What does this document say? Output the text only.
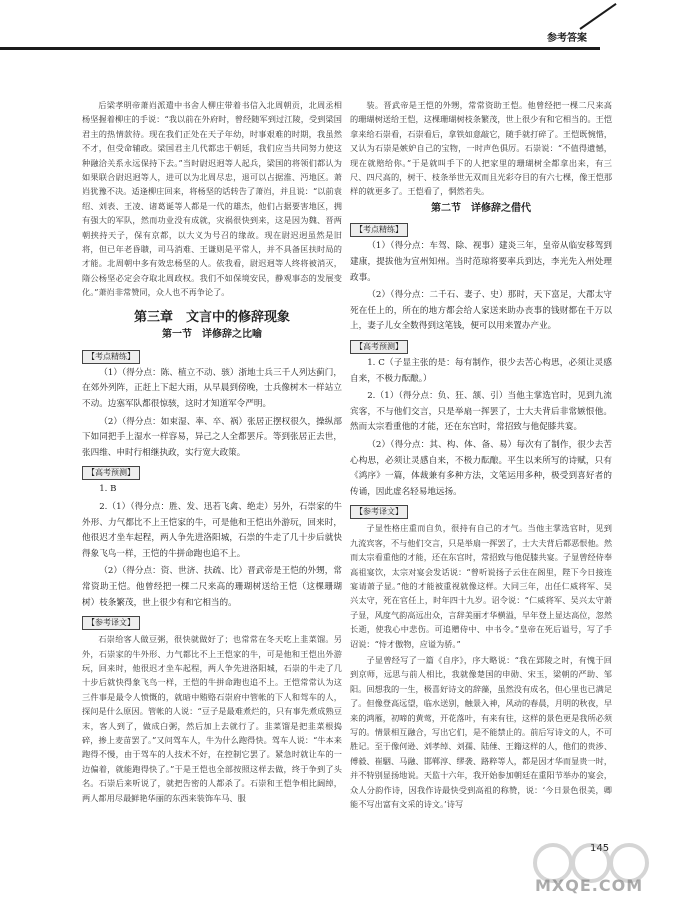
参考答案

后梁孝明帝萧岿派遣中书舍人柳庄带着书信入北周朝贡，北周丞相杨坚握着柳庄的手说：“我以前在外府时，曾经随军到过江陵，受到梁国君主的热情款待。现在我们正处在天子年幼，时事艰难的时期，我虽然不才，但受命辅政。梁国君主几代都忠于朝廷，我们应当共同努力使这种融洽关系永远保持下去。”当时尉迟迥等人起兵，梁国的将领们都认为如果联合尉迟迥等人，进可以为北周尽忠，退可以占据淮、沔地区。萧岿犹豫不决。适逢柳庄回来，将杨坚的话转告了萧岿，并且说：“以前袁绍、刘表、王凌、诸葛诞等人都是一代的雄杰，他们占据要害地区，拥有强大的军队，然而功业没有成就，灾祸很快到来，这是因为魏、晋两朝挟持天子，保有京都，以大义为号召的缘故。现在尉迟迥虽然是旧将，但已年老昏聩，司马消难、王谦则是平常人，并不具备匡扶时局的才能。北周朝中多有效忠杨坚的人。依我看，尉迟迥等人终将被消灭，隋公杨坚必定会夺取北周政权。我们不如保境安民，静观事态的发展变化。”萧岿非常赞同，众人也不再争论了。

第三章　文言中的修辞现象
第一节　详修辞之比喻
【考点精练】

（1）（得分点：陈、植立不动、骇）浙地士兵三千人列达蓟门，在郊外列阵，正赶上下起大雨，从早晨到傍晚，士兵像树木一样站立不动。边塞军队都很惊骇，这时才知道军令严明。

（2）（得分点：如束湿、率、卒、祸）张居正摆权很久，操纵部下如同把手上湿水一样容易，异己之人全都罢斥。等到张居正去世，张四维、申时行相继执政，实行宽大政策。

【高考预测】

1. B

2.（1）（得分点：胜、发、迅若飞禽、绝走）另外，石崇家的牛外形、力气都比不上王恺家的牛，可是他和王恺出外游玩，回来时，他很迟才坐车起程，两人争先进洛阳城，石崇的牛走了几十步后就快得象飞鸟一样，王恺的牛拼命跑也追不上。

（2）（得分点：资、世济、扶疏、比）晋武帝是王恺的外甥，常常资助王恺。他曾经把一棵二尺来高的珊瑚树送给王恺（这棵珊瑚树）枝条繁茂，世上很少有和它相当的。

【参考译文】

石崇给客人做豆粥，很快就做好了；也常常在冬天吃上韭菜馏。另外，石崇家的牛外形、力气都比不上王恺家的牛，可是他和王恺出外游玩，回来时，他很迟才坐车起程，两人争先进洛阳城，石崇的牛走了几十步后就快得象飞鸟一样，王恺的牛拼命跑也追不上。王恺常常认为这三件事是最令人愤慨的，就暗中贿赂石崇府中管帐的下人和驾车的人，探问是什么原因。管帐的人说：“豆子是最难煮烂的，只有事先煮成熟豆末，客人到了，做成白粥，然后加上去就行了。韭菜馏是把韭菜根捣碎，掺上麦苗罢了。”又问驾车人，牛为什么跑得快。驾车人说：“牛本来跑得不慢，由于驾车的人技术不好，在控制它罢了。紧急时就让车的一边偏着，就能跑得快了。”于是王恺也全部按照这样去做，终于争到了头名。石崇后来听说了，就把告密的人都杀了。石崇和王恺争相比阔绰，两人都用尽最鲜艳华丽的东西来装饰车马、服

装。晋武帝是王恺的外甥，常常资助王恺。他曾经把一棵二尺来高的珊瑚树送给王恺，这棵珊瑚树枝条繁茂，世上很少有和它相当的。王恺拿来给石崇看，石崇看后，拿铁如意敲它，随手就打碎了。王恺既惋惜，又认为石崇是嫉妒自己的宝物，一时声色俱厉。石崇说：“不值得遗憾，现在就赔给你。”于是就叫手下的人把家里的珊瑚树全都拿出来，有三尺、四尺高的，树干、枝条举世无双而且光彩夺目的有六七棵，像王恺那样的就更多了。王恺看了，惘然若失。

第二节　详修辞之借代
【考点精练】

（1）（得分点：车驾、除、视事）建炎三年，皇帝从临安移驾到建康，提拔他为宣州知州。当时范琼将要率兵到达，李光先入州处理政事。

（2）（得分点：二千石、妻子、史）那时，天下富足，大郡太守死在任上的，所在的地方都会给人家送来助办丧事的钱财都在千万以上，妻子儿女全数得到这笔钱，便可以用来置办产业。

【高考预测】

1. C（子显主张的是：每有制作，很少去苦心构思，必须让灵感自来，不极力酝酿。）

2.（1）（得分点：负、狂、颔、引）当他主掌选官时，见到九流宾客，不与他们交言，只是举扇一挥罢了，士大夫背后非常嫉恨他。然而太宗看重他的才能，还在东宫时，常招致与他促膝共宴。

（2）（得分点：其、构、体、备、易）每次有了制作，很少去苦心构思，必须让灵感自来，不极力酝酿。平生以来所写的诗赋，只有《鸿序》一篇，体裁兼有多种方法，文笔运用多种，极受到喜好者的传诵，因此虚名轻易地远扬。

【参考译文】

子显性格庄重而自负，很持有自己的才气。当他主掌选官时，见到九流宾客，不与他们交言，只是举扇一挥罢了，士大夫背后都恶恨他。然而太宗看重他的才能，还在东宫时，常招致与他促膝共宴。子显曾经侍奉高祖宴饮，太宗对宴会发话说：“曾听说扬子云住在阁里，陛下今日接连宴请萧子显。”他的才能被重视就像这样。大同三年，出任仁威将军、吴兴太守，死在官任上，时年四十九岁。诏令说：“仁威将军、吴兴太守萧子显，风度气韵高远出众，言辞美丽才华横溢，早年登上显达高位，忽然长逝，使我心中悲伤。可追赠侍中、中书令。”皇帝在死后谥号，写了手诏说：“恃才傲物，应谥为骄。”

子显曾经写了一篇《自序》，序大略说：“我在郢陵之时，有愧于回到京师，远思与前人相比，我就像楚国的申勋、宋玉，梁朝的严助、邹阳。回想我的一生，极喜好诗文的辞藻，虽然没有成名，但心里也已满足了。但像登高远望，临水送别，触景入神，风动的春晨，月明的秋夜，早来的鸿雁，初啼的黄莺，开花落叶，有来有往，这样的景色更是我所必须写的。情景相互融合，写出它们，是不能禁止的。前后写诗文的人，不可胜记。至于像何逊、刘孝绰、刘孺、陆倕、王籍这样的人，他们的贵涉、傅毅、崔駰、马融、邯郸淳、缪袭、路粹等人，都是因才华而显贵一时，并不特别显扬地说。天监十六年，我开始参加朝廷在重阳节举办的宴会，众人分韵作诗，因我作诗最快受到高祖的称赞，说：‘今日景色很美，卿能不写出富有文采的诗文。’诗写

145
MXQE.COM
